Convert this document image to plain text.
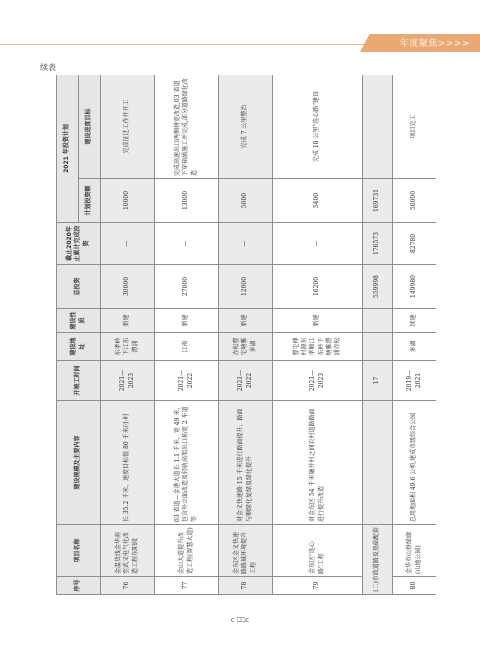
年度聚焦>>>>
续表
序号	项目名称	建设规模及主要内容	开竣工时间	建设地址	建设性质	总投资	截止2020年止累计完成投资	2021 年投资计划	
								计划投资额	建设进度目标
76	金温货线金华南至武义电气化改造工程东阳段	长 35.2 千米，速度目标值 80 千米/小时	2021—2023	东孝岭下江东澧浦	新建	30000	—	10000	完成征迁工作并开工
77	金山大道提升改造工程(智慧大道)	03 省道—金港大道长 1.1 千米，宽 49 米，包含外立面改造及轻轨高架出口拓宽 2 车道等	2021—2022	江南	新建	27000	—	13000	完成高速出口两侧拼宽改造,03 省道下穿箱涵施工并完成,部分道路绿化改造
78	金东区金义快速路路域环境提升工程	对金义快速路 15 千米进行路面提升、路面与侧绿化复绿及绿化提升	2021—2022	赤松曹宅塘雅多湖	新建	12000	—	5000	完成 7 公里整治
79	金东区"连心路"工程	对金东区 54 千米融并村之间农村道路路面进行提升改造	2021—2023	曹宅傅村源东孝顺江东岭下塘雅澧浦赤松	新建	16200	—	5400	完成 18 公里"连心路"建设
(二)市政道路及基础配套			17			559998	176573	169731	
80	金华市山脊绿廊(山地公园)	总用地面积 49.6 公顷,建成市级综合公园	2019—2021	多湖	续建	149980	82780	50000	项目完工
c ⎕⎕c
